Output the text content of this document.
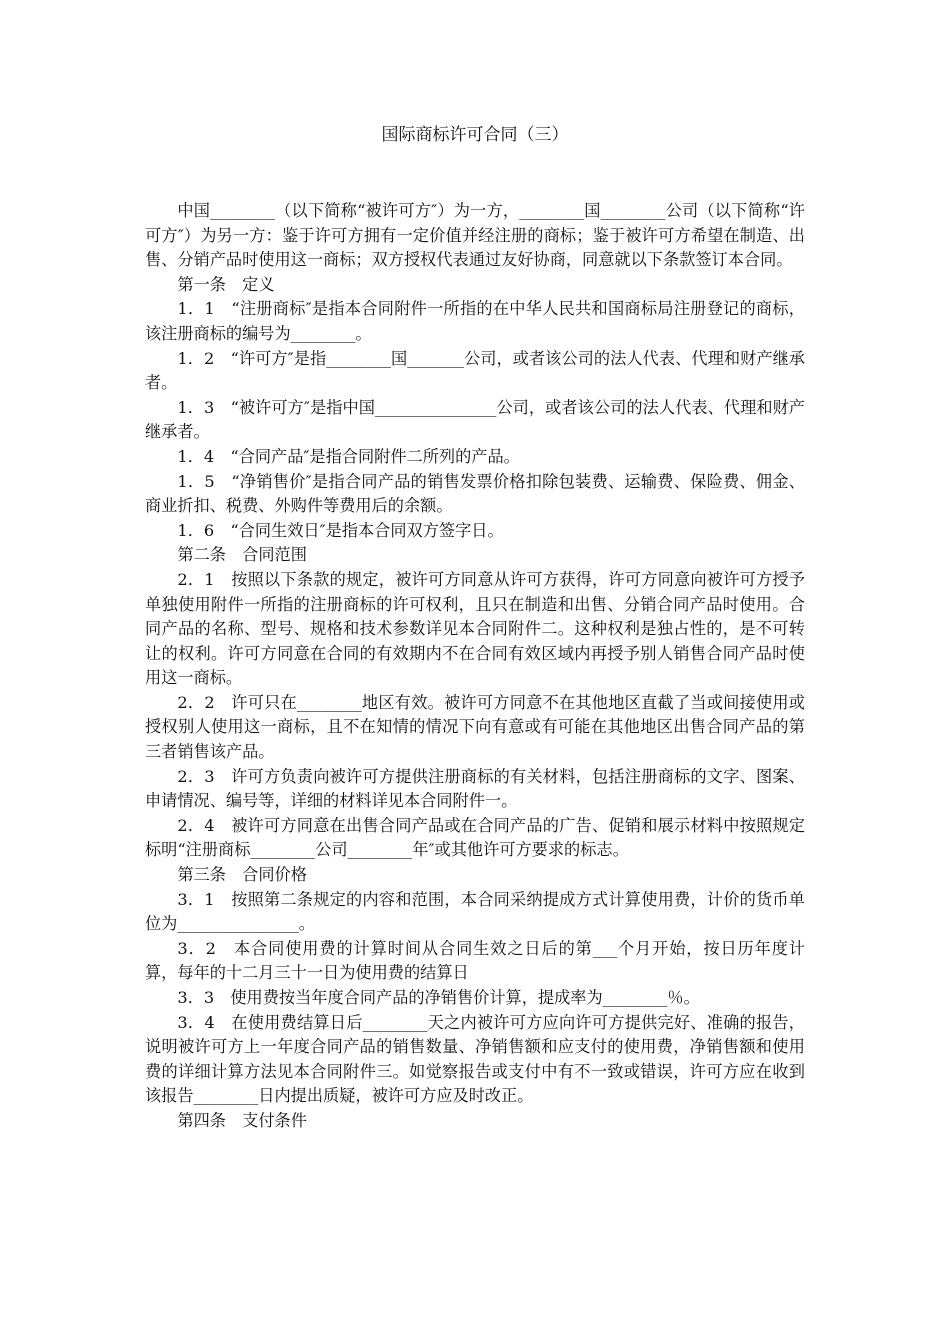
国际商标许可合同（三）

中国________（以下简称“被许可方″）为一方，________国________公司（以下简称“许可方″）为另一方：鉴于许可方拥有一定价值并经注册的商标；鉴于被许可方希望在制造、出售、分销产品时使用这一商标；双方授权代表通过友好协商，同意就以下条款签订本合同。

第一条　定义

1．1　“注册商标″是指本合同附件一所指的在中华人民共和国商标局注册登记的商标，该注册商标的编号为________。

1．2　“许可方″是指________国_______公司，或者该公司的法人代表、代理和财产继承者。

1．3　“被许可方″是指中国_______________公司，或者该公司的法人代表、代理和财产继承者。

1．4　“合同产品″是指合同附件二所列的产品。

1．5　“净销售价″是指合同产品的销售发票价格扣除包装费、运输费、保险费、佣金、商业折扣、税费、外购件等费用后的余额。

1．6　“合同生效日″是指本合同双方签字日。

第二条　合同范围

2．1　按照以下条款的规定，被许可方同意从许可方获得，许可方同意向被许可方授予单独使用附件一所指的注册商标的许可权利，且只在制造和出售、分销合同产品时使用。合同产品的名称、型号、规格和技术参数详见本合同附件二。这种权利是独占性的，是不可转让的权利。许可方同意在合同的有效期内不在合同有效区域内再授予别人销售合同产品时使用这一商标。

2．2　许可只在________地区有效。被许可方同意不在其他地区直截了当或间接使用或授权别人使用这一商标，且不在知情的情况下向有意或有可能在其他地区出售合同产品的第三者销售该产品。

2．3　许可方负责向被许可方提供注册商标的有关材料，包括注册商标的文字、图案、申请情况、编号等，详细的材料详见本合同附件一。

2．4　被许可方同意在出售合同产品或在合同产品的广告、促销和展示材料中按照规定标明“注册商标________公司________年″或其他许可方要求的标志。

第三条　合同价格

3．1　按照第二条规定的内容和范围，本合同采纳提成方式计算使用费，计价的货币单位为_______________。

3．2　本合同使用费的计算时间从合同生效之日后的第___个月开始，按日历年度计算，每年的十二月三十一日为使用费的结算日

3．3　使用费按当年度合同产品的净销售价计算，提成率为________％。

3．4　在使用费结算日后________天之内被许可方应向许可方提供完好、准确的报告，说明被许可方上一年度合同产品的销售数量、净销售额和应支付的使用费，净销售额和使用费的详细计算方法见本合同附件三。如觉察报告或支付中有不一致或错误，许可方应在收到该报告________日内提出质疑，被许可方应及时改正。

第四条　支付条件
